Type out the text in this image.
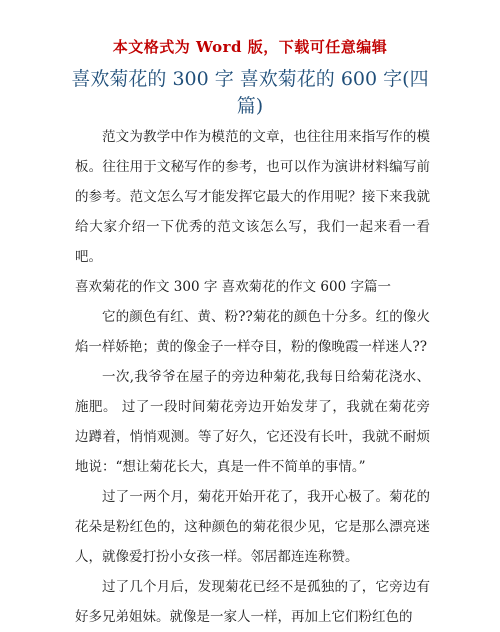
本文格式为 Word 版，下载可任意编辑
喜欢菊花的 300 字 喜欢菊花的 600 字(四篇)

范文为教学中作为模范的文章，也往往用来指写作的模板。往往用于文秘写作的参考，也可以作为演讲材料编写前的参考。范文怎么写才能发挥它最大的作用呢？接下来我就给大家介绍一下优秀的范文该怎么写，我们一起来看一看吧。

喜欢菊花的作文 300 字 喜欢菊花的作文 600 字篇一

它的颜色有红、黄、粉??菊花的颜色十分多。红的像火焰一样娇艳；黄的像金子一样夺目，粉的像晚霞一样迷人??

一次,我爷爷在屋子的旁边种菊花,我每日给菊花浇水、施肥。 过了一段时间菊花旁边开始发芽了，我就在菊花旁边蹲着，悄悄观测。等了好久，它还没有长叶，我就不耐烦地说：“想让菊花长大，真是一件不简单的事情。”

过了一两个月，菊花开始开花了，我开心极了。菊花的花朵是粉红色的，这种颜色的菊花很少见，它是那么漂亮迷人，就像爱打扮小女孩一样。邻居都连连称赞。

过了几个月后，发现菊花已经不是孤独的了，它旁边有好多兄弟姐妹。就像是一家人一样，再加上它们粉红色的
